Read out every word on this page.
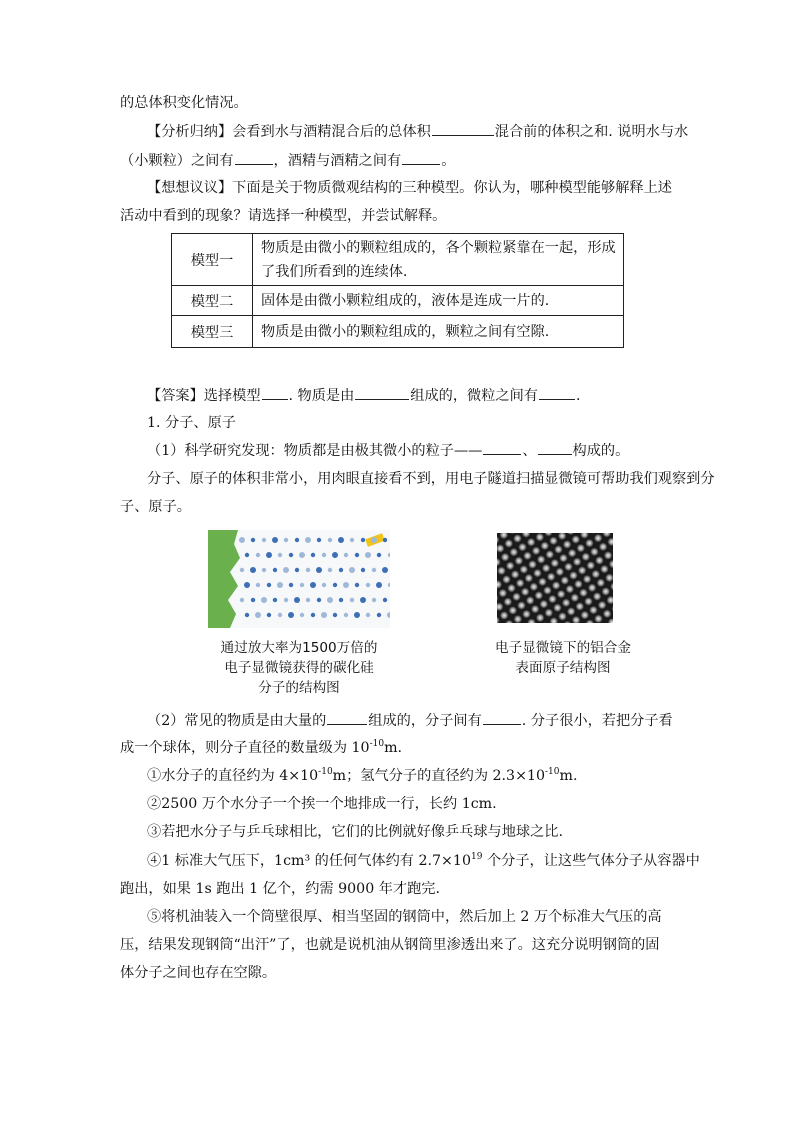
的总体积变化情况。
【分析归纳】会看到水与酒精混合后的总体积	混合前的体积之和. 说明水与水
（小颗粒）之间有	，酒精与酒精之间有	。
【想想议议】下面是关于物质微观结构的三种模型。你认为，哪种模型能够解释上述
活动中看到的现象？请选择一种模型，并尝试解释。
模型一	物质是由微小的颗粒组成的，各个颗粒紧靠在一起，形成
了我们所看到的连续体.

模型二	固体是由微小颗粒组成的，液体是连成一片的.
模型三	物质是由微小的颗粒组成的，颗粒之间有空隙.
【答案】选择模型 . 物质是由	组成的，微粒之间有	.
1. 分子、原子
（1）科学研究发现：物质都是由极其微小的粒子——	、	构成的。
分子、原子的体积非常小，用肉眼直接看不到，用电子隧道扫描显微镜可帮助我们观察到分
子、原子。
通过放大率为1500万倍的
电子显微镜获得的碳化硅
分子的结构图
电子显微镜下的铝合金
表面原子结构图
（2）常见的物质是由大量的	组成的，分子间有	. 分子很小，若把分子看
成一个球体，则分子直径的数量级为 $10^{-10}m$.
①水分子的直径约为 $4\times 10^{-10}m$；氢气分子的直径约为 $2.3\times 10^{-10}m$.
②2500 万个水分子一个挨一个地排成一行，长约 1cm.
③若把水分子与乒乓球相比，它们的比例就好像乒乓球与地球之比.
④1 标准大气压下，1cm³ 的任何气体约有 $2.7\times 10^{19}$ 个分子，让这些气体分子从容器中
跑出，如果 1s 跑出 1 亿个，约需 9000 年才跑完.
⑤将机油装入一个筒壁很厚、相当坚固的钢筒中，然后加上 2 万个标准大气压的高
压，结果发现钢筒“出汗”了，也就是说机油从钢筒里渗透出来了。这充分说明钢筒的固
体分子之间也存在空隙。
